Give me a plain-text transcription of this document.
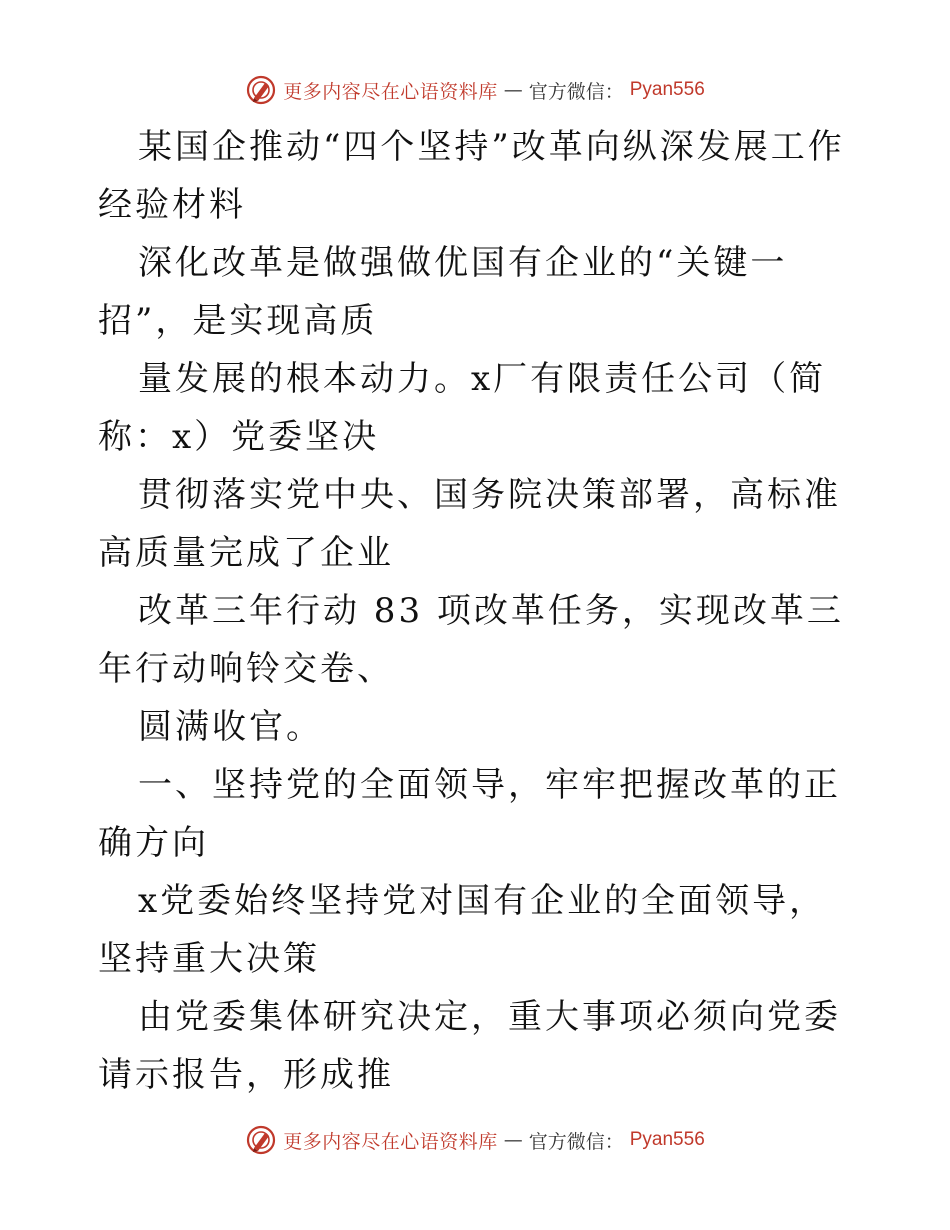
更多内容尽在心语资料库 — 官方微信： Pyan556

某国企推动“四个坚持”改革向纵深发展工作经验材料

深化改革是做强做优国有企业的“关键一招”，是实现高质

量发展的根本动力。x厂有限责任公司（简称：x）党委坚决

贯彻落实党中央、国务院决策部署，高标准高质量完成了企业

改革三年行动 83 项改革任务，实现改革三年行动响铃交卷、

圆满收官。

一、坚持党的全面领导，牢牢把握改革的正确方向

x党委始终坚持党对国有企业的全面领导，坚持重大决策

由党委集体研究决定，重大事项必须向党委请示报告，形成推

更多内容尽在心语资料库 — 官方微信： Pyan556
